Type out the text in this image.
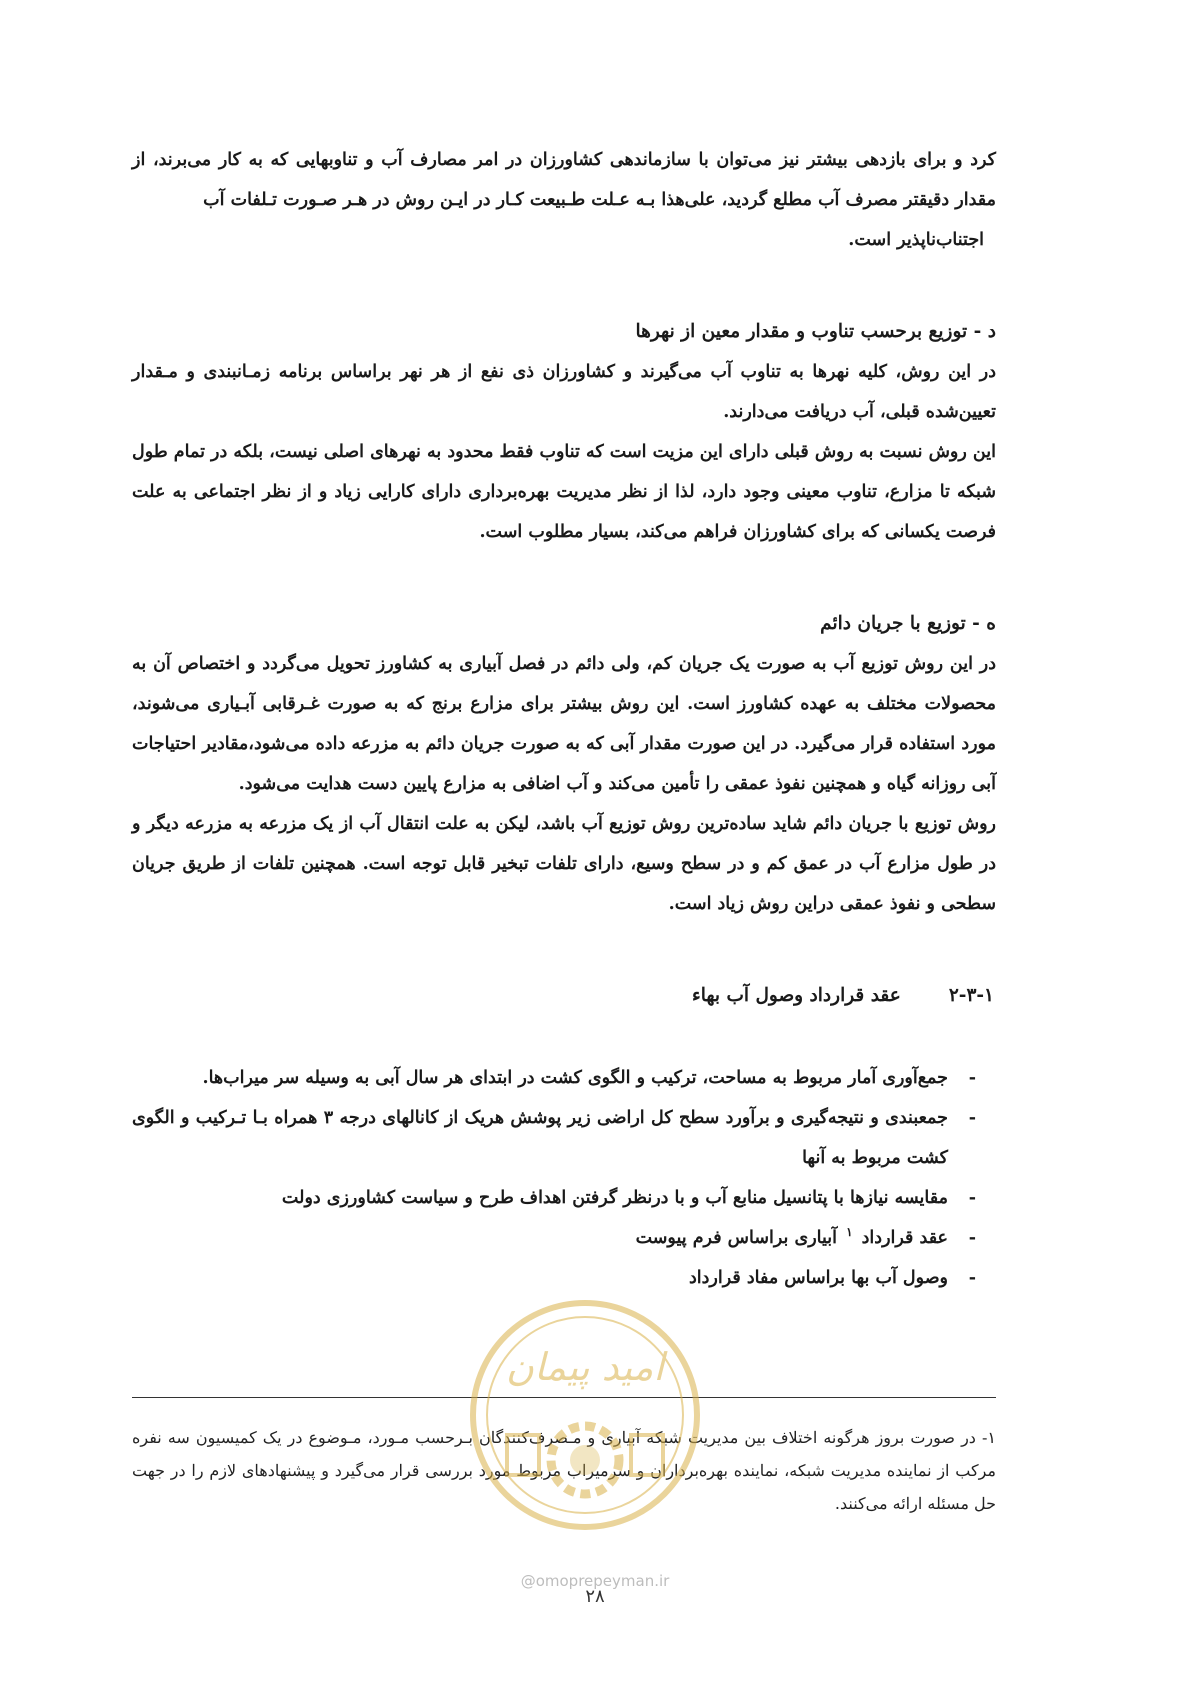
کرد و برای بازدهی بیشتر نیز می‌توان با سازماندهی کشاورزان در امر مصارف آب و تناوبهایی که به کار می‌برند، از مقدار دقیقتر مصرف آب مطلع گردید، علی‌هذا بـه عـلت طـبیعت کـار در ایـن روش در هـر صـورت تـلفات آب

اجتناب‌ناپذیر است.

د - توزیع برحسب تناوب و مقدار معین از نهرها

در این روش، کلیه نهرها به تناوب آب می‌گیرند و کشاورزان ذی نفع از هر نهر براساس برنامه زمـانبندی و مـقدار تعیین‌شده قبلی، آب دریافت می‌دارند.

این روش نسبت به روش قبلی دارای این مزیت است که تناوب فقط محدود به نهرهای اصلی نیست، بلکه در تمام طول شبکه تا مزارع، تناوب معینی وجود دارد، لذا از نظر مدیریت بهره‌برداری دارای کارایی زیاد و از نظر اجتماعی به علت فرصت یکسانی که برای کشاورزان فراهم می‌کند، بسیار مطلوب است.

ه - توزیع با جریان دائم

در این روش توزیع آب به صورت یک جریان کم، ولی دائم در فصل آبیاری به کشاورز تحویل می‌گردد و اختصاص آن به محصولات مختلف به عهده کشاورز است. این روش بیشتر برای مزارع برنج که به صورت غـرقابی آبـیاری می‌شوند، مورد استفاده قرار می‌گیرد. در این صورت مقدار آبی که به صورت جریان دائم به مزرعه داده می‌شود،مقادیر احتیاجات آبی روزانه گیاه و همچنین نفوذ عمقی را تأمین می‌کند و آب اضافی به مزارع پایین دست هدایت می‌شود.

روش توزیع با جریان دائم شاید ساده‌ترین روش توزیع آب باشد، لیکن به علت انتقال آب از یک مزرعه به مزرعه دیگر و در طول مزارع آب در عمق کم و در سطح وسیع، دارای تلفات تبخیر قابل توجه است. همچنین تلفات از طریق جریان سطحی و نفوذ عمقی دراین روش زیاد است.

۲-۳-۱
عقد قرارداد وصول آب بهاء

-
جمع‌آوری آمار مربوط به مساحت، ترکیب و الگوی کشت در ابتدای هر سال آبی به وسیله سر میراب‌ها.
-
جمعبندی و نتیجه‌گیری و برآورد سطح کل اراضی زیر پوشش هریک از کانالهای درجه ۳ همراه بـا تـرکیب و الگوی کشت مربوط به آنها
-
مقایسه نیازها با پتانسیل منابع آب و با درنظر گرفتن اهداف طرح و سیاست کشاورزی دولت
-
عقد قرارداد $^۱$ آبیاری براساس فرم پیوست
-
وصول آب بها براساس مفاد قرارداد

۱- در صورت بروز هرگونه اختلاف بین مدیریت شبکه آبیاری و مـصرف‌کنندگان بـرحسب مـورد، مـوضوع در یک کمیسیون سه نفره مرکب از نماینده مدیریت شبکه، نماینده بهره‌برداران و سرمیراب مربوط مورد بررسی قرار می‌گیرد و پیشنهادهای لازم را در جهت حل مسئله ارائه می‌کنند.

امید پیمان
@omoprepeyman.ir
۲۸
